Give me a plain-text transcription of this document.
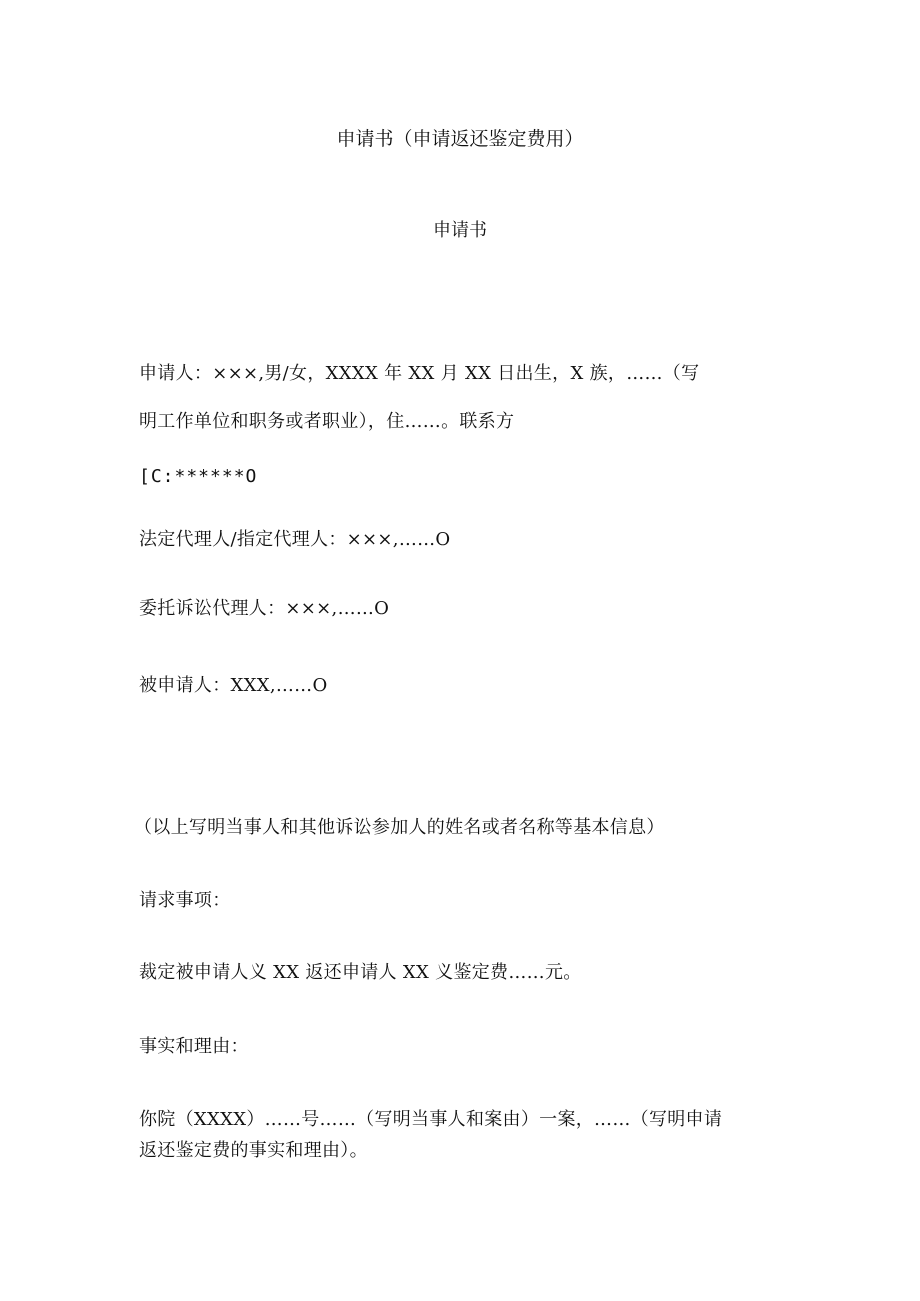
申请书（申请返还鉴定费用）
申请书
申请人：×××,男/女，XXXX 年 XX 月 XX 日出生，X 族，……（写
明工作单位和职务或者职业），住……。联系方
[C:******O
法定代理人/指定代理人：×××,……O
委托诉讼代理人：×××,……O
被申请人：XXX,……O
（以上写明当事人和其他诉讼参加人的姓名或者名称等基本信息）
请求事项：
裁定被申请人义 XX 返还申请人 XX 义鉴定费……元。
事实和理由：
你院（XXXX）……号……（写明当事人和案由）一案，……（写明申请
返还鉴定费的事实和理由）。
